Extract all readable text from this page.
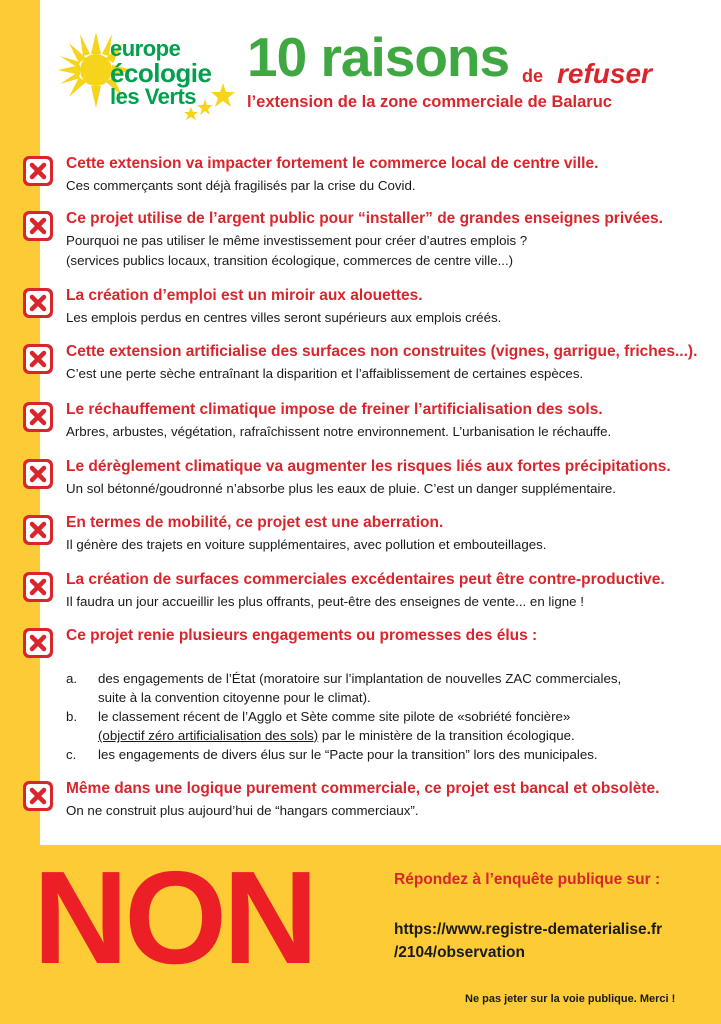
europe
écologie
les Verts
10 raisons de refuser
l’extension de la zone commerciale de Balaruc
Cette extension va impacter fortement le commerce local de centre ville.
Ces commerçants sont déjà fragilisés par la crise du Covid.
Ce projet utilise de l’argent public pour “installer” de grandes enseignes privées.
Pourquoi ne pas utiliser le même investissement pour créer d’autres emplois ?
(services publics locaux, transition écologique, commerces de centre ville...)
La création d’emploi est un miroir aux alouettes.
Les emplois perdus en centres villes seront supérieurs aux emplois créés.
Cette extension artificialise des surfaces non construites (vignes, garrigue, friches...).
C’est une perte sèche entraînant la disparition et l’affaiblissement de certaines espèces.
Le réchauffement climatique impose de freiner l’artificialisation des sols.
Arbres, arbustes, végétation, rafraîchissent notre environnement. L’urbanisation le réchauffe.
Le dérèglement climatique va augmenter les risques liés aux fortes précipitations.
Un sol bétonné/goudronné n’absorbe plus les eaux de pluie. C’est un danger supplémentaire.
En termes de mobilité, ce projet est une aberration.
Il génère des trajets en voiture supplémentaires, avec pollution et embouteillages.
La création de surfaces commerciales excédentaires peut être contre-productive.
Il faudra un jour accueillir les plus offrants, peut-être des enseignes de vente... en ligne !
Ce projet renie plusieurs engagements ou promesses des élus :
Même dans une logique purement commerciale, ce projet est bancal et obsolète.
On ne construit plus aujourd’hui de “hangars commerciaux”.
a. des engagements de l’État (moratoire sur l’implantation de nouvelles ZAC commerciales,
suite à la convention citoyenne pour le climat).
b. le classement récent de l’Agglo et Sète comme site pilote de «sobriété foncière»
(objectif zéro artificialisation des sols) par le ministère de la transition écologique.
c. les engagements de divers élus sur le “Pacte pour la transition” lors des municipales.
NON	Répondez à l’enquête publique sur :
https://www.registre-dematerialise.fr
/2104/observation
Ne pas jeter sur la voie publique. Merci !
